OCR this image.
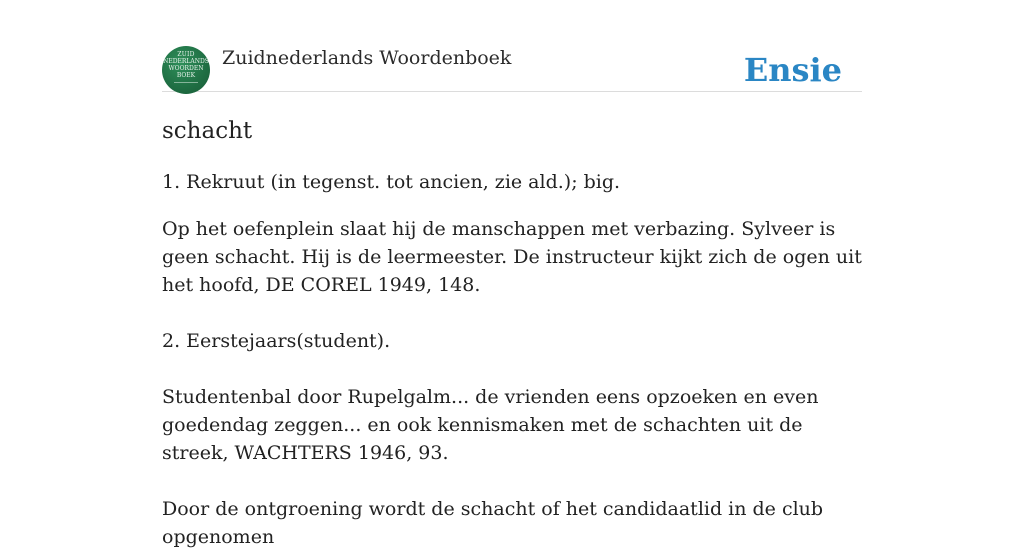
ZUID
NEDERLANDS
WOORDEN
BOEK
Zuidnederlands Woordenboek	Ensie
schacht

1. Rekruut (in tegenst. tot ancien, zie ald.); big.

Op het oefenplein slaat hij de manschappen met verbazing. Sylveer is geen schacht. Hij is de leermeester. De instructeur kijkt zich de ogen uit het hoofd, DE COREL 1949, 148.

2. Eerstejaars(student).

Studentenbal door Rupelgalm... de vrienden eens opzoeken en even goedendag zeggen... en ook kennismaken met de schachten uit de streek, WACHTERS 1946, 93.

Door de ontgroening wordt de schacht of het candidaatlid in de club opgenomen
